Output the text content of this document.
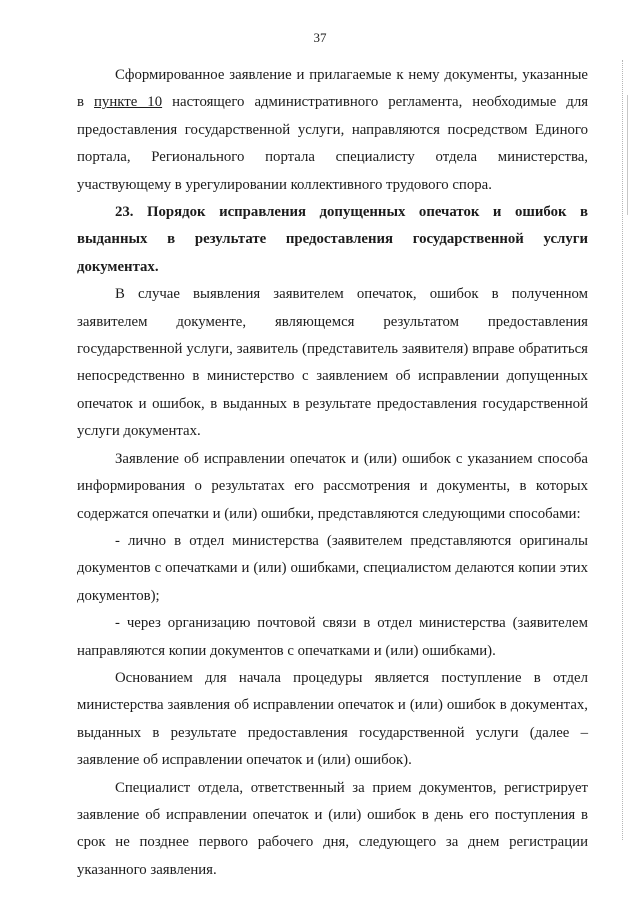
37

Сформированное заявление и прилагаемые к нему документы, указанные в пункте 10 настоящего административного регламента, необходимые для предоставления государственной услуги, направляются посредством Единого портала, Регионального портала специалисту отдела министерства, участвующему в урегулировании коллективного трудового спора.

23. Порядок исправления допущенных опечаток и ошибок в выданных в результате предоставления государственной услуги документах.

В случае выявления заявителем опечаток, ошибок в полученном заявителем документе, являющемся результатом предоставления государственной услуги, заявитель (представитель заявителя) вправе обратиться непосредственно в министерство с заявлением об исправлении допущенных опечаток и ошибок, в выданных в результате предоставления государственной услуги документах.

Заявление об исправлении опечаток и (или) ошибок с указанием способа информирования о результатах его рассмотрения и документы, в которых содержатся опечатки и (или) ошибки, представляются следующими способами:

- лично в отдел министерства (заявителем представляются оригиналы документов с опечатками и (или) ошибками, специалистом делаются копии этих документов);

- через организацию почтовой связи в отдел министерства (заявителем направляются копии документов с опечатками и (или) ошибками).

Основанием для начала процедуры является поступление в отдел министерства заявления об исправлении опечаток и (или) ошибок в документах, выданных в результате предоставления государственной услуги (далее – заявление об исправлении опечаток и (или) ошибок).

Специалист отдела, ответственный за прием документов, регистрирует заявление об исправлении опечаток и (или) ошибок в день его поступления в срок не позднее первого рабочего дня, следующего за днем регистрации указанного заявления.
